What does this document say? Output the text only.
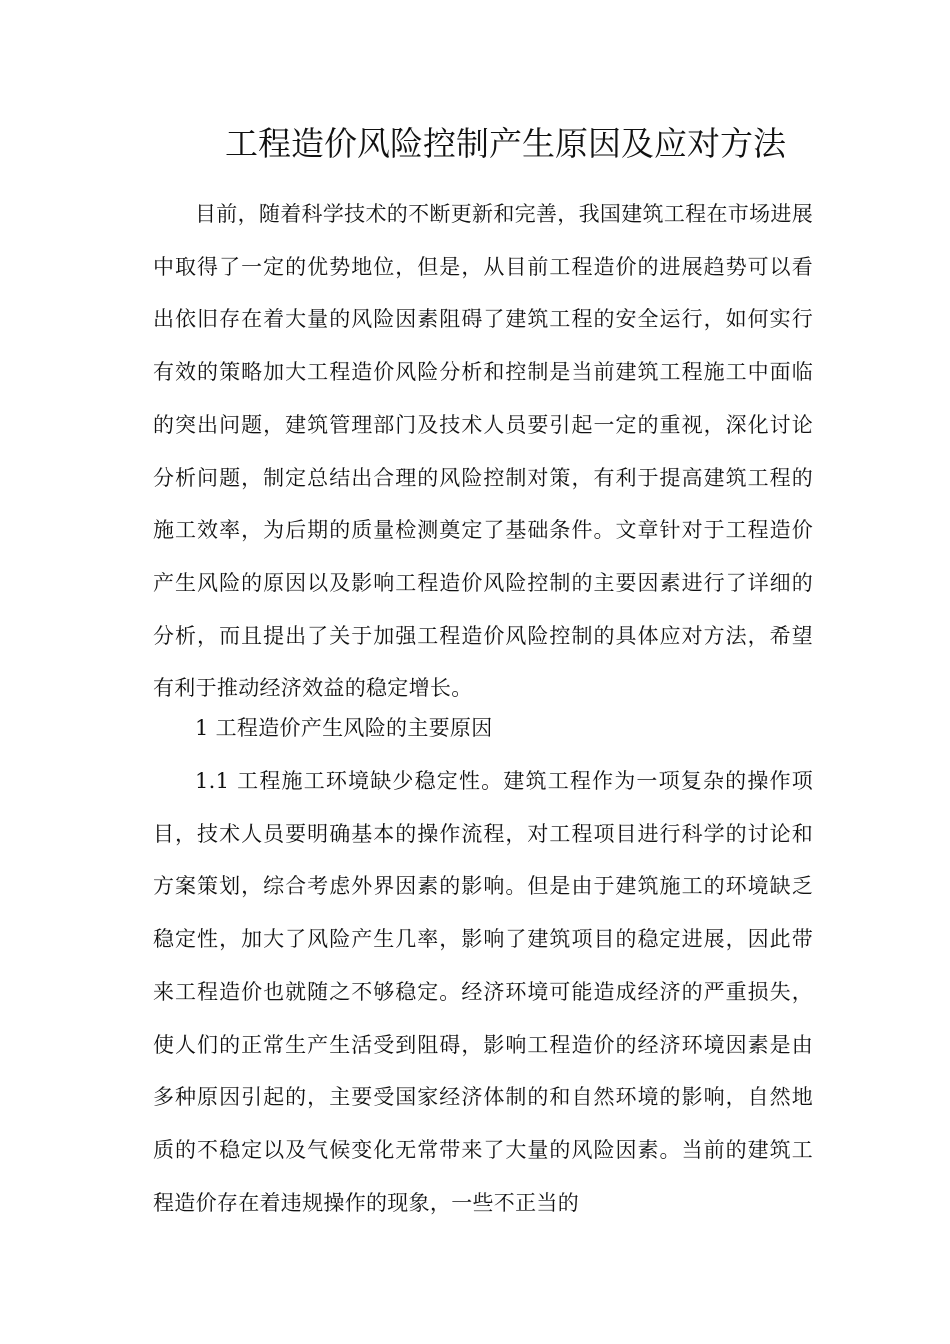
工程造价风险控制产生原因及应对方法

目前，随着科学技术的不断更新和完善，我国建筑工程在市场进展中取得了一定的优势地位，但是，从目前工程造价的进展趋势可以看出依旧存在着大量的风险因素阻碍了建筑工程的安全运行，如何实行有效的策略加大工程造价风险分析和控制是当前建筑工程施工中面临的突出问题，建筑管理部门及技术人员要引起一定的重视，深化讨论分析问题，制定总结出合理的风险控制对策，有利于提高建筑工程的施工效率，为后期的质量检测奠定了基础条件。文章针对于工程造价产生风险的原因以及影响工程造价风险控制的主要因素进行了详细的分析，而且提出了关于加强工程造价风险控制的具体应对方法，希望有利于推动经济效益的稳定增长。

1 工程造价产生风险的主要原因

1.1 工程施工环境缺少稳定性。建筑工程作为一项复杂的操作项目，技术人员要明确基本的操作流程，对工程项目进行科学的讨论和方案策划，综合考虑外界因素的影响。但是由于建筑施工的环境缺乏稳定性，加大了风险产生几率，影响了建筑项目的稳定进展，因此带来工程造价也就随之不够稳定。经济环境可能造成经济的严重损失，使人们的正常生产生活受到阻碍，影响工程造价的经济环境因素是由多种原因引起的，主要受国家经济体制的和自然环境的影响，自然地质的不稳定以及气候变化无常带来了大量的风险因素。当前的建筑工程造价存在着违规操作的现象，一些不正当的
